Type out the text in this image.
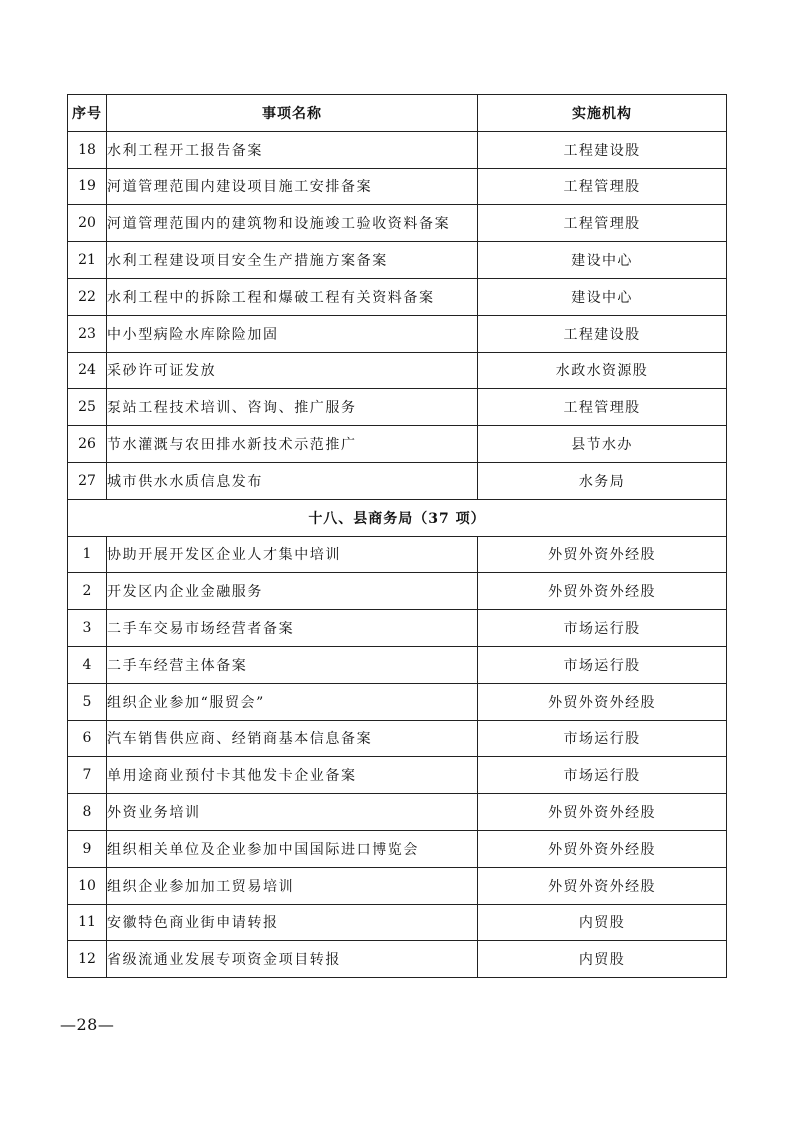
序号	事项名称	实施机构
18	水利工程开工报告备案	工程建设股
19	河道管理范围内建设项目施工安排备案	工程管理股
20	河道管理范围内的建筑物和设施竣工验收资料备案	工程管理股
21	水利工程建设项目安全生产措施方案备案	建设中心
22	水利工程中的拆除工程和爆破工程有关资料备案	建设中心
23	中小型病险水库除险加固	工程建设股
24	采砂许可证发放	水政水资源股
25	泵站工程技术培训、咨询、推广服务	工程管理股
26	节水灌溉与农田排水新技术示范推广	县节水办
27	城市供水水质信息发布	水务局
十八、县商务局（37 项）		
1	协助开展开发区企业人才集中培训	外贸外资外经股
2	开发区内企业金融服务	外贸外资外经股
3	二手车交易市场经营者备案	市场运行股
4	二手车经营主体备案	市场运行股
5	组织企业参加“服贸会”	外贸外资外经股
6	汽车销售供应商、经销商基本信息备案	市场运行股
7	单用途商业预付卡其他发卡企业备案	市场运行股
8	外资业务培训	外贸外资外经股
9	组织相关单位及企业参加中国国际进口博览会	外贸外资外经股
10	组织企业参加加工贸易培训	外贸外资外经股
11	安徽特色商业街申请转报	内贸股
12	省级流通业发展专项资金项目转报	内贸股
—28—
